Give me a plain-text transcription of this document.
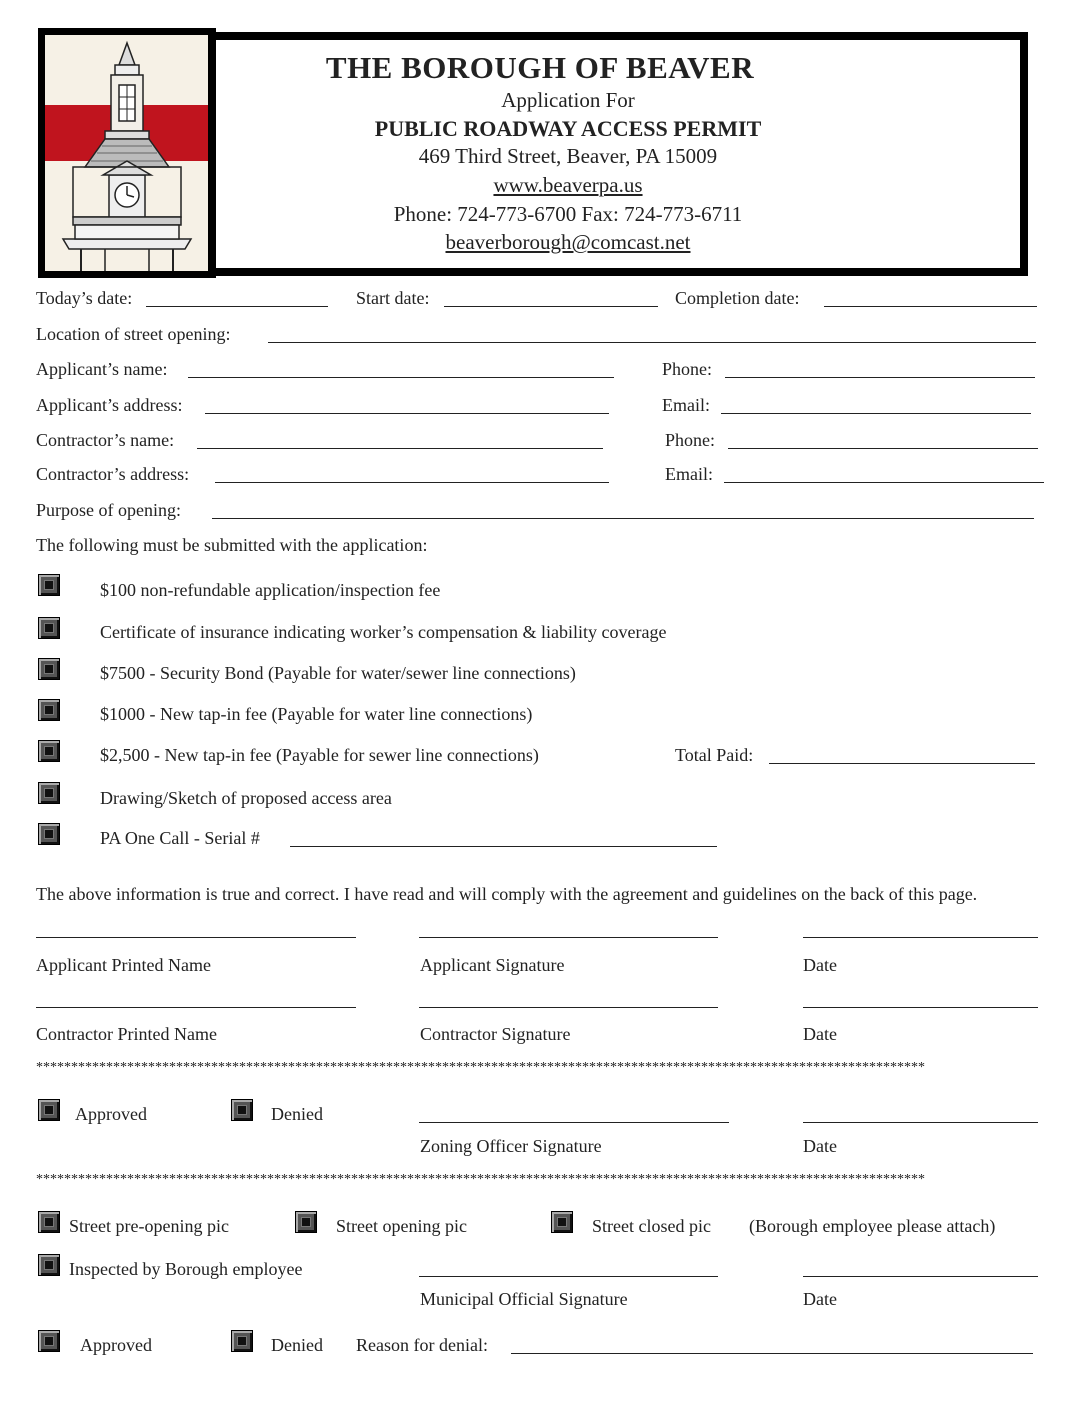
THE BOROUGH OF BEAVER
Application For
PUBLIC ROADWAY ACCESS PERMIT
469 Third Street, Beaver, PA 15009
www.beaverpa.us
Phone: 724-773-6700 Fax: 724-773-6711
beaverborough@comcast.net
Today’s date:	Start date:	Completion date:
Location of street opening:
Applicant’s name:	Phone:
Applicant’s address:	Email:
Contractor’s name:	Phone:
Contractor’s address:	Email:
Purpose of opening:
The following must be submitted with the application:
$100 non-refundable application/inspection fee
Certificate of insurance indicating worker’s compensation & liability coverage
$7500 - Security Bond (Payable for water/sewer line connections)
$1000 - New tap-in fee (Payable for water line connections)
$2,500 - New tap-in fee (Payable for sewer line connections)	Total Paid:
Drawing/Sketch of proposed access area
PA One Call - Serial #
The above information is true and correct. I have read and will comply with the agreement and guidelines on the back of this page.
Applicant Printed Name	Applicant Signature	Date
Contractor Printed Name	Contractor Signature	Date
*******************************************************************************************************************************
Approved	Denied
Zoning Officer Signature	Date
*******************************************************************************************************************************
Street pre-opening pic	Street opening pic	Street closed pic (Borough employee please attach)
Inspected by Borough employee
Municipal Official Signature	Date
Approved	Denied Reason for denial:
